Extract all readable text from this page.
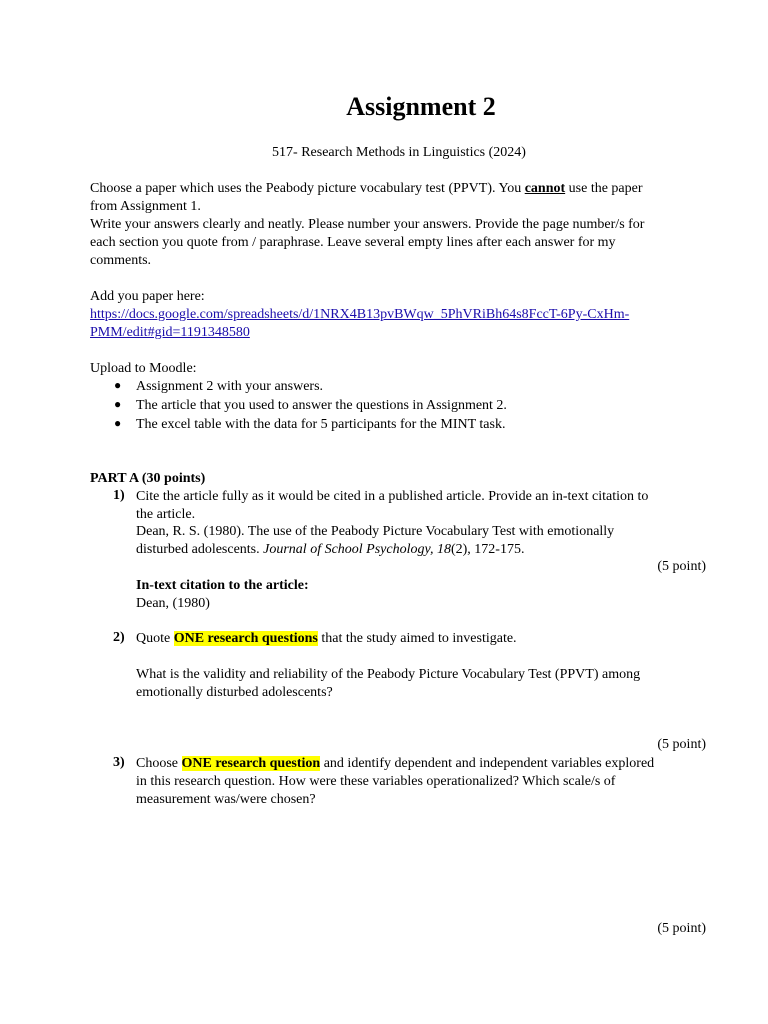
Assignment 2
517- Research Methods in Linguistics (2024)
Choose a paper which uses the Peabody picture vocabulary test (PPVT). You cannot use the paper
from Assignment 1.
Write your answers clearly and neatly. Please number your answers. Provide the page number/s for
each section you quote from / paraphrase. Leave several empty lines after each answer for my
comments.
Add you paper here:
https://docs.google.com/spreadsheets/d/1NRX4B13pvBWqw_5PhVRiBh64s8FccT-6Py-CxHm-
PMM/edit#gid=1191348580
Upload to Moodle:
● Assignment 2 with your answers.
● The article that you used to answer the questions in Assignment 2.
● The excel table with the data for 5 participants for the MINT task.
PART A (30 points)
1) Cite the article fully as it would be cited in a published article. Provide an in-text citation to
the article.
Dean, R. S. (1980). The use of the Peabody Picture Vocabulary Test with emotionally
disturbed adolescents. Journal of School Psychology, 18(2), 172-175.
(5 point)
In-text citation to the article:
Dean, (1980)
2) Quote ONE research questions that the study aimed to investigate.
What is the validity and reliability of the Peabody Picture Vocabulary Test (PPVT) among
emotionally disturbed adolescents?
(5 point)
3) Choose ONE research question and identify dependent and independent variables explored
in this research question. How were these variables operationalized? Which scale/s of
measurement was/were chosen?
(5 point)
